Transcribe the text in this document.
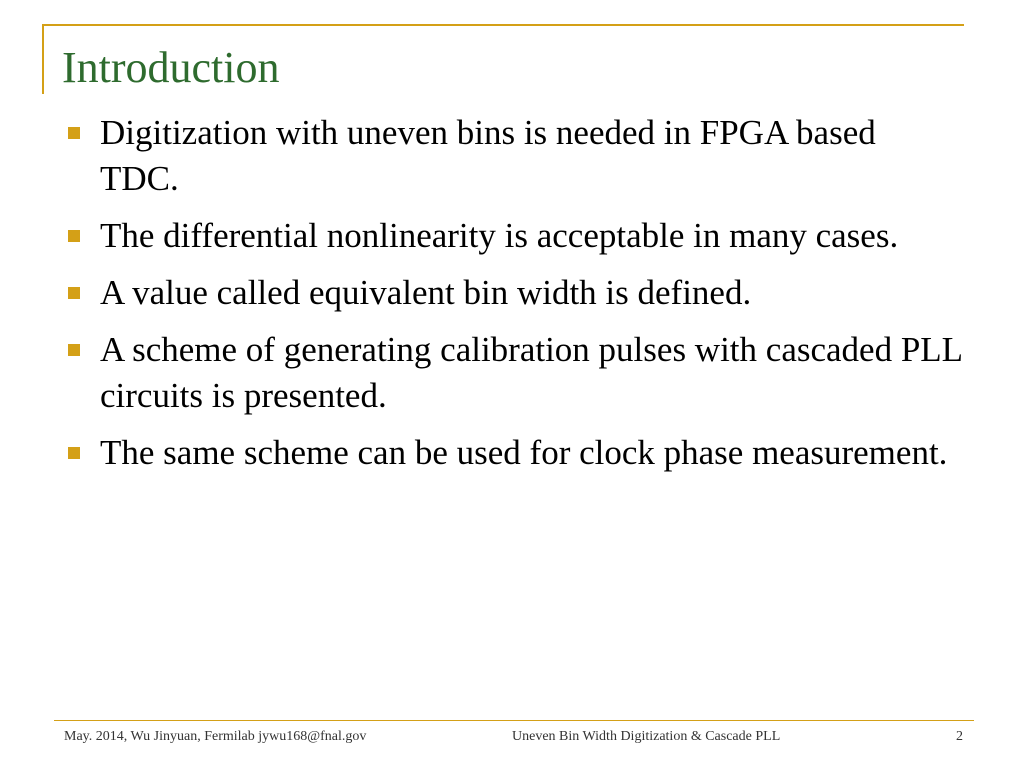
Introduction
Digitization with uneven bins is needed in FPGA based TDC.
The differential nonlinearity is acceptable in many cases.
A value called equivalent bin width is defined.
A scheme of generating calibration pulses with cascaded PLL circuits is presented.
The same scheme can be used for clock phase measurement.
May. 2014, Wu Jinyuan, Fermilab jywu168@fnal.gov	Uneven Bin Width Digitization & Cascade PLL	2
